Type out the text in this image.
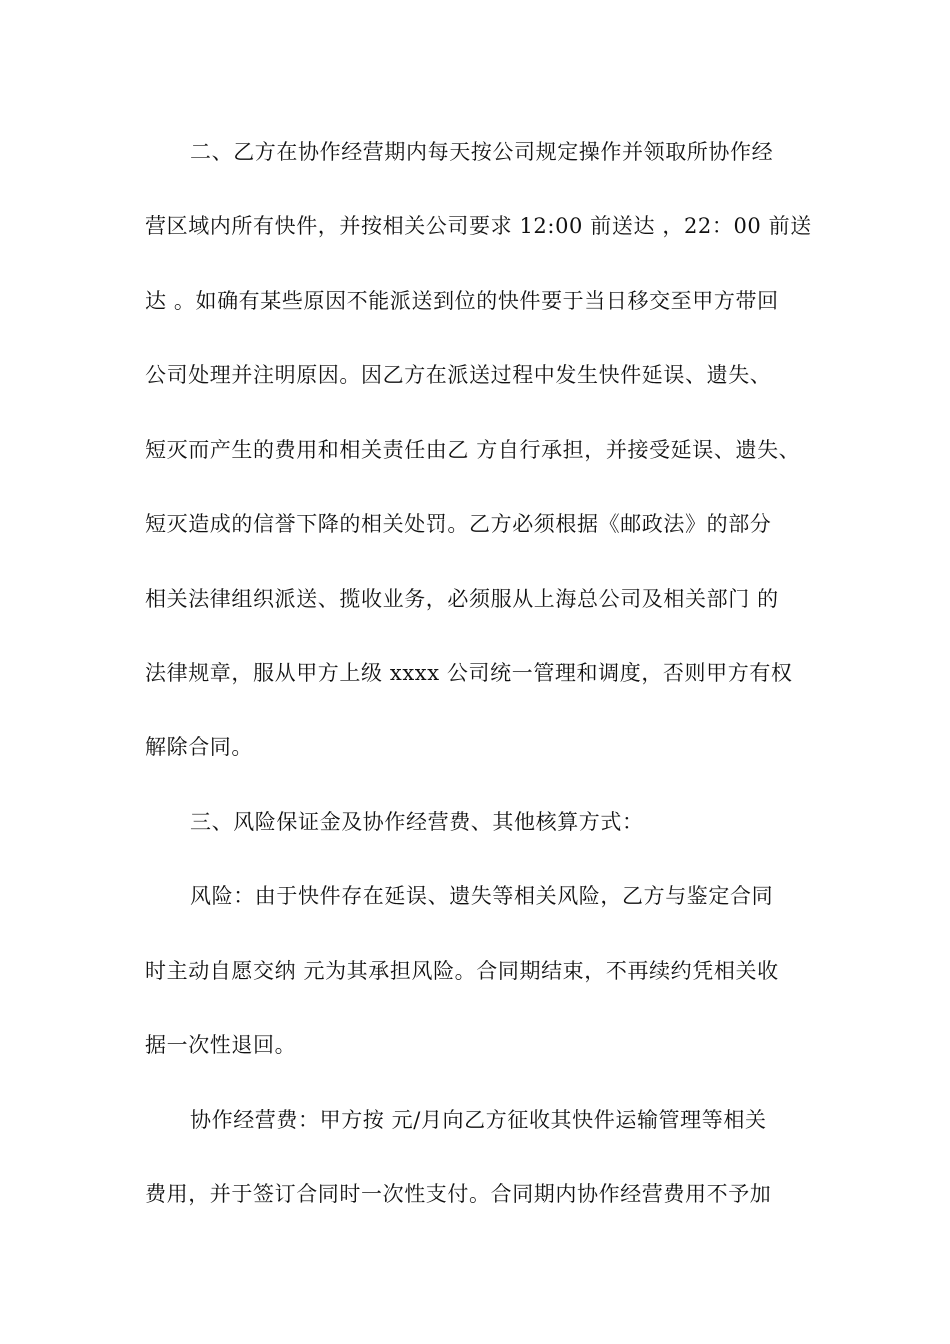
二、乙方在协作经营期内每天按公司规定操作并领取所协作经
营区域内所有快件，并按相关公司要求 12:00 前送达 ，22：00 前送
达 。如确有某些原因不能派送到位的快件要于当日移交至甲方带回
公司处理并注明原因。因乙方在派送过程中发生快件延误、遗失、
短灭而产生的费用和相关责任由乙 方自行承担，并接受延误、遗失、
短灭造成的信誉下降的相关处罚。乙方必须根据《邮政法》的部分
相关法律组织派送、揽收业务，必须服从上海总公司及相关部门 的
法律规章，服从甲方上级 xxxx 公司统一管理和调度，否则甲方有权
解除合同。
三、风险保证金及协作经营费、其他核算方式：
风险：由于快件存在延误、遗失等相关风险，乙方与鉴定合同
时主动自愿交纳 元为其承担风险。合同期结束，不再续约凭相关收
据一次性退回。
协作经营费：甲方按 元/月向乙方征收其快件运输管理等相关
费用，并于签订合同时一次性支付。合同期内协作经营费用不予加
